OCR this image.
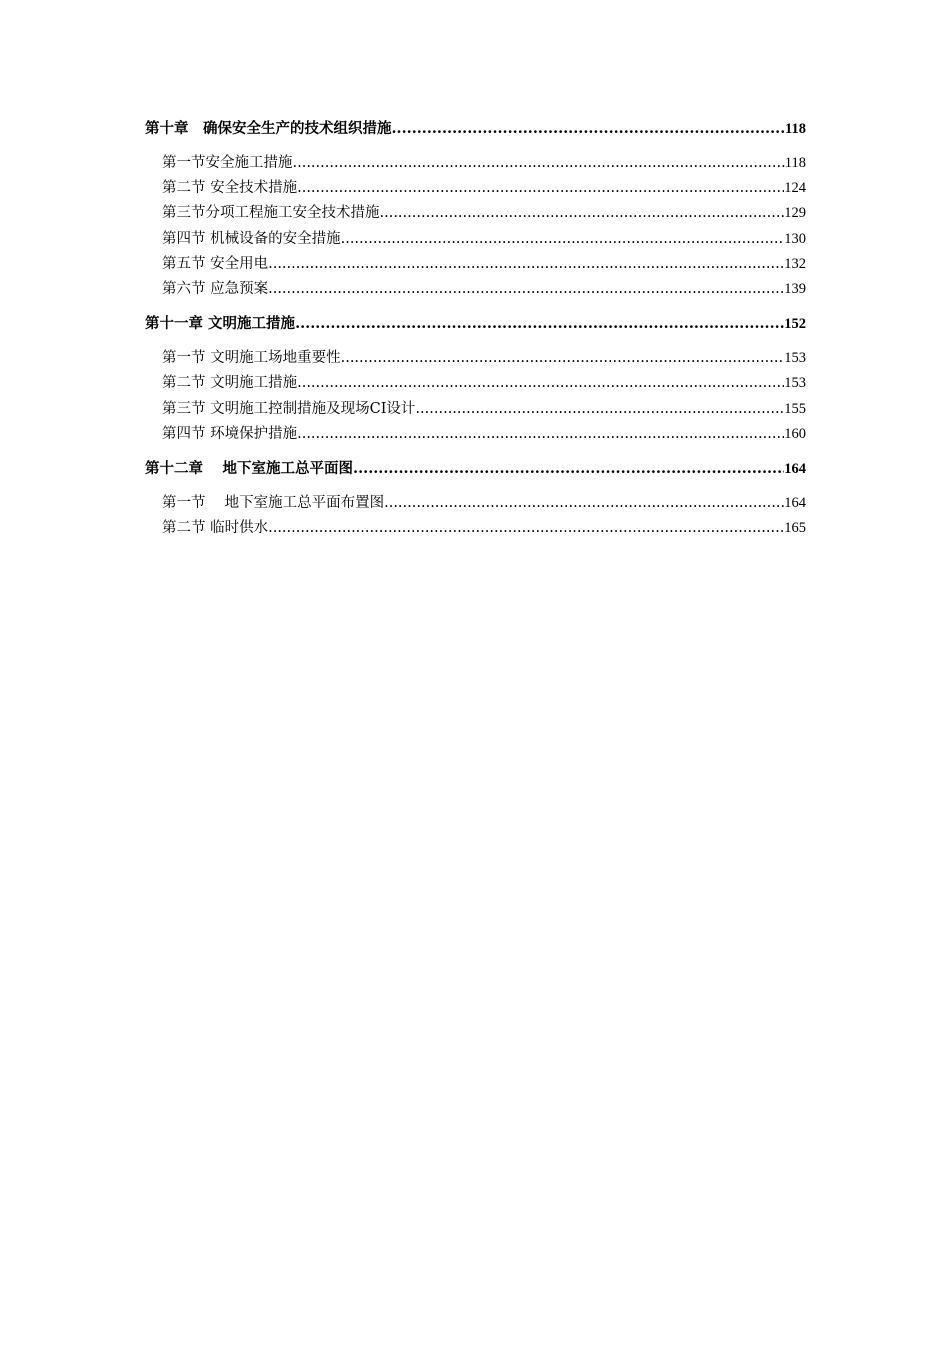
第十章　确保安全生产的技术组织措施 .....	118
第一节安全施工措施 .....	118
第二节 安全技术措施 .....	124
第三节分项工程施工安全技术措施 .....	129
第四节 机械设备的安全措施 .....	130
第五节 安全用电 .....	132
第六节 应急预案 .....	139
第十一章 文明施工措施 .....	152
第一节 文明施工场地重要性 .....	153
第二节 文明施工措施 .....	153
第三节 文明施工控制措施及现场CI设计 .....	155
第四节 环境保护措施 .....	160
第十二章　 地下室施工总平面图 .....	164
第一节　 地下室施工总平面布置图 .....	164
第二节 临时供水 .....	165
